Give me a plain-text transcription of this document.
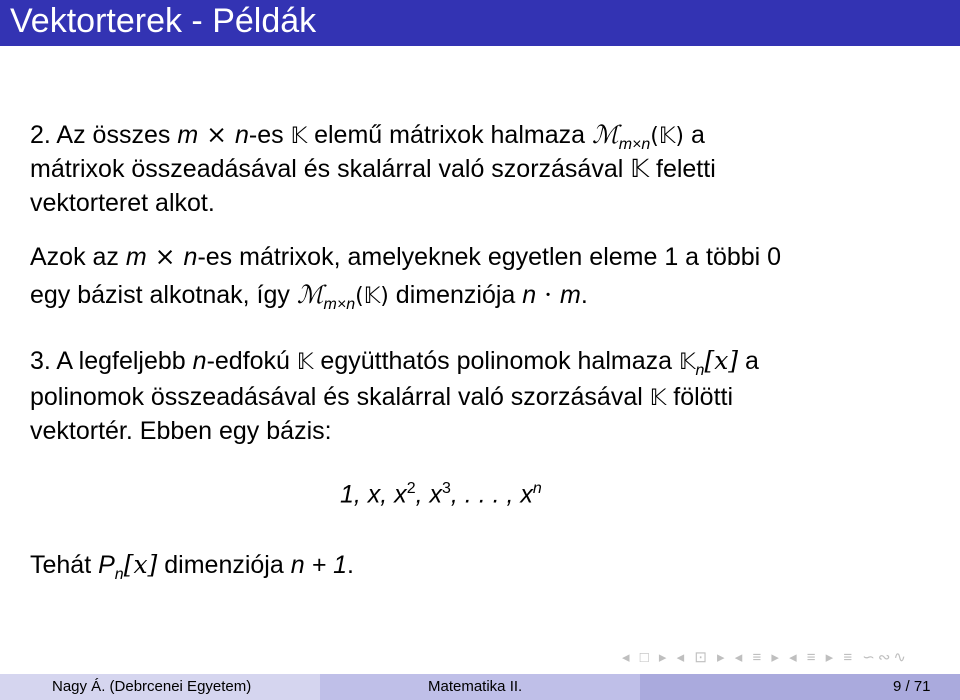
Vektorterek - Példák
2. Az összes m × n-es 𝕂 elemű mátrixok halmaza ℳ$_{m\times n}$(𝕂) a
mátrixok összeadásával és skalárral való szorzásával 𝕂 feletti
vektorteret alkot.
Azok az m × n-es mátrixok, amelyeknek egyetlen eleme 1 a többi 0
egy bázist alkotnak, így ℳ$_{m\times n}$(𝕂) dimenziója n · m.
3. A legfeljebb n-edfokú 𝕂 együtthatós polinomok halmaza 𝕂$_n$[x] a
polinomok összeadásával és skalárral való szorzásával 𝕂 fölötti
vektortér. Ebben egy bázis:
1, x, $x^2$, $x^3$, . . . , $x^n$
Tehát $P_n[x]$ dimenziója n + 1.
◂ □ ▸ ◂ ⊡ ▸ ◂ ≡ ▸ ◂ ≡ ▸ ≡ ∽∾∿
Nagy Á. (Debrcenei Egyetem)	Matematika II.	9 / 71
